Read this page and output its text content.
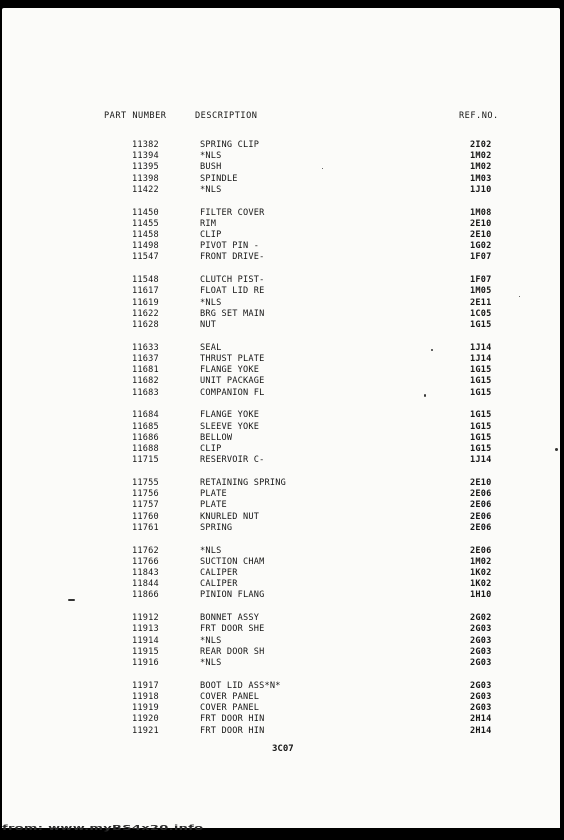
PART NUMBER	DESCRIPTION	REF.NO.
11382	SPRING CLIP	2I02
11394	*NLS	1M02
11395	BUSH	1M02
11398	SPINDLE	1M03
11422	*NLS	1J10
11450	FILTER COVER	1M08
11455	RIM	2E10
11458	CLIP	2E10
11498	PIVOT PIN -	1G02
11547	FRONT DRIVE-	1F07
11548	CLUTCH PIST-	1F07
11617	FLOAT LID RE	1M05
11619	*NLS	2E11
11622	BRG SET MAIN	1C05
11628	NUT	1G15
11633	SEAL	1J14
11637	THRUST PLATE	1J14
11681	FLANGE YOKE	1G15
11682	UNIT PACKAGE	1G15
11683	COMPANION FL	1G15
11684	FLANGE YOKE	1G15
11685	SLEEVE YOKE	1G15
11686	BELLOW	1G15
11688	CLIP	1G15
11715	RESERVOIR C-	1J14
11755	RETAINING SPRING	2E10
11756	PLATE	2E06
11757	PLATE	2E06
11760	KNURLED NUT	2E06
11761	SPRING	2E06
11762	*NLS	2E06
11766	SUCTION CHAM	1M02
11843	CALIPER	1K02
11844	CALIPER	1K02
11866	PINION FLANG	1H10
11912	BONNET ASSY	2G02
11913	FRT DOOR SHE	2G03
11914	*NLS	2G03
11915	REAR DOOR SH	2G03
11916	*NLS	2G03
11917	BOOT LID ASS*N*	2G03
11918	COVER PANEL	2G03
11919	COVER PANEL	2G03
11920	FRT DOOR HIN	2H14
11921	FRT DOOR HIN	2H14
3C07
from: www.myBS4x20.info
